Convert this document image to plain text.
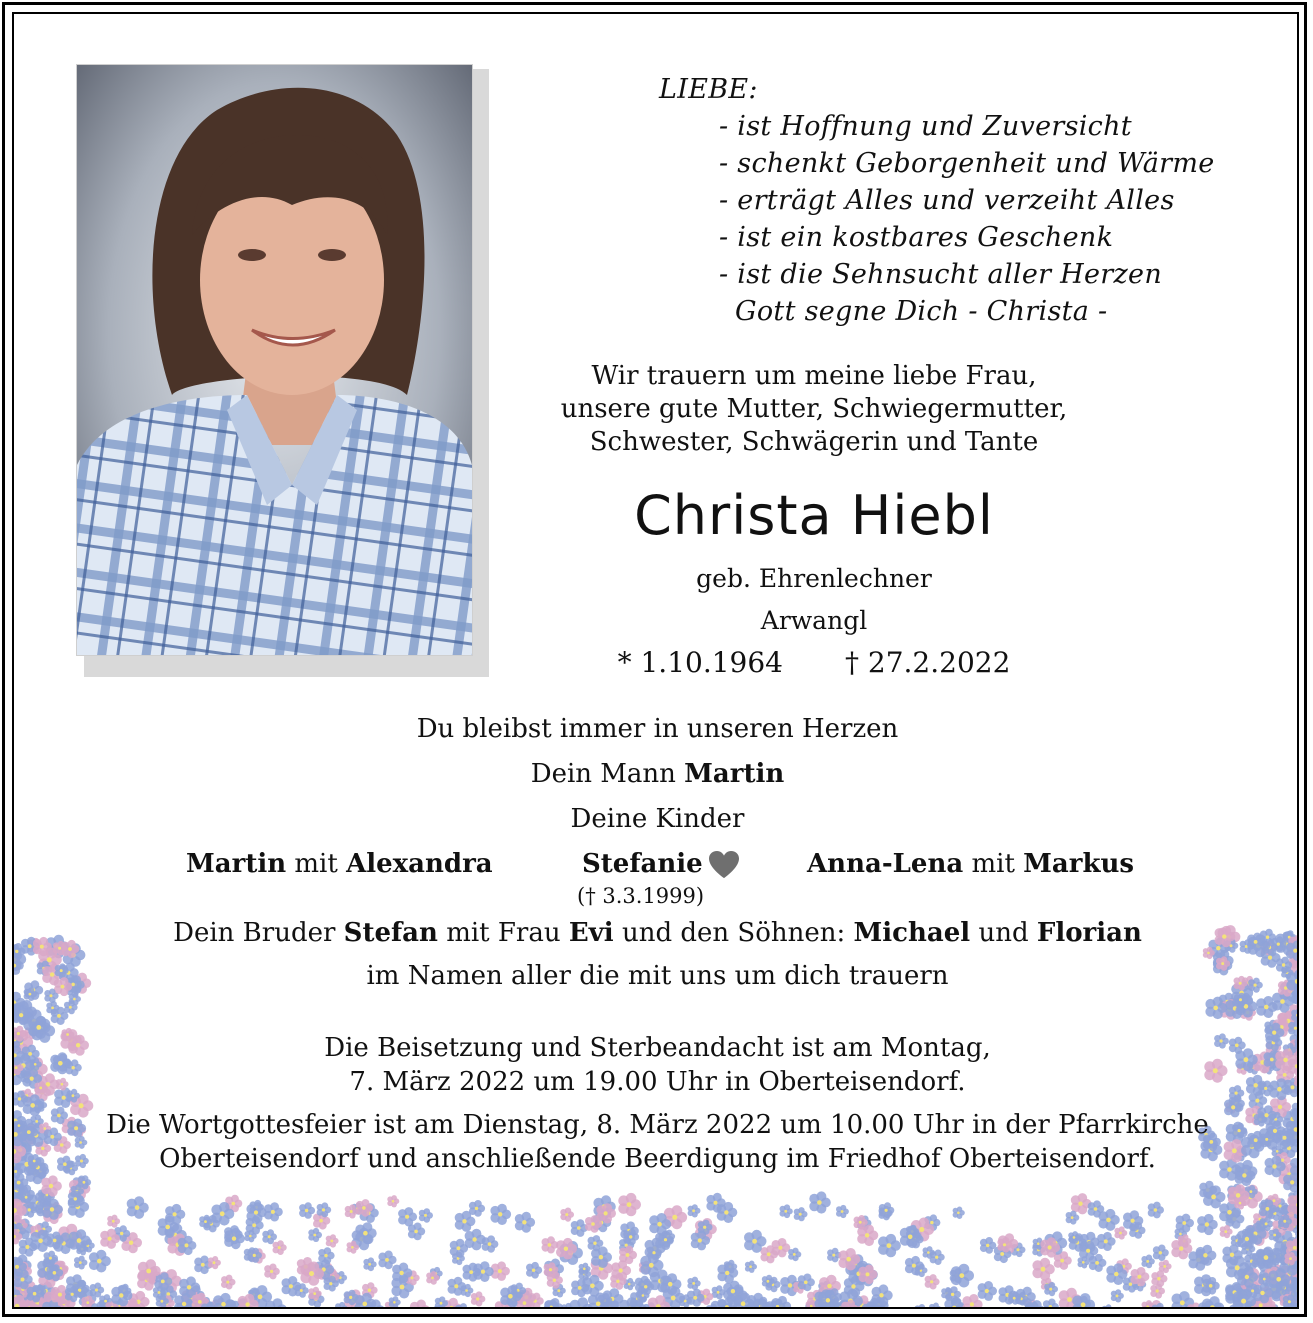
LIEBE:
- ist Hoffnung und Zuversicht
- schenkt Geborgenheit und Wärme
- erträgt Alles und verzeiht Alles
- ist ein kostbares Geschenk
- ist die Sehnsucht aller Herzen
Gott segne Dich - Christa -
Wir trauern um meine liebe Frau,
unsere gute Mutter, Schwiegermutter,
Schwester, Schwägerin und Tante
Christa Hiebl
geb. Ehrenlechner
Arwangl
* 1.10.1964 † 27.2.2022
Du bleibst immer in unseren Herzen
Dein Mann Martin
Deine Kinder
Martin mit Alexandra	Stefanie
(† 3.3.1999)
Anna-Lena mit Markus
Dein Bruder Stefan mit Frau Evi und den Söhnen: Michael und Florian
im Namen aller die mit uns um dich trauern
Die Beisetzung und Sterbeandacht ist am Montag,
7. März 2022 um 19.00 Uhr in Oberteisendorf.
Die Wortgottesfeier ist am Dienstag, 8. März 2022 um 10.00 Uhr in der Pfarrkirche
Oberteisendorf und anschließende Beerdigung im Friedhof Oberteisendorf.
